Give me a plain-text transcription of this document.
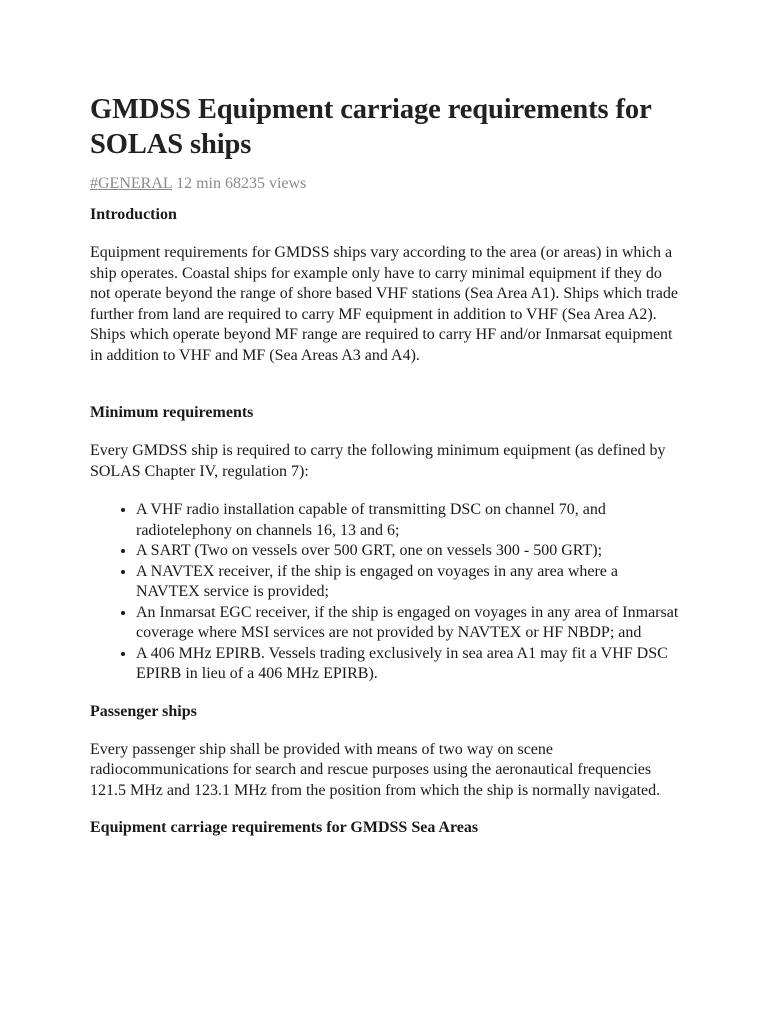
GMDSS Equipment carriage requirements for SOLAS ships
#GENERAL 12 min 68235 views
Introduction

Equipment requirements for GMDSS ships vary according to the area (or areas) in which a ship operates. Coastal ships for example only have to carry minimal equipment if they do not operate beyond the range of shore based VHF stations (Sea Area A1). Ships which trade further from land are required to carry MF equipment in addition to VHF (Sea Area A2). Ships which operate beyond MF range are required to carry HF and/or Inmarsat equipment in addition to VHF and MF (Sea Areas A3 and A4).

Minimum requirements

Every GMDSS ship is required to carry the following minimum equipment (as defined by SOLAS Chapter IV, regulation 7):

• A VHF radio installation capable of transmitting DSC on channel 70, and radiotelephony on channels 16, 13 and 6;
• A SART (Two on vessels over 500 GRT, one on vessels 300 - 500 GRT);
• A NAVTEX receiver, if the ship is engaged on voyages in any area where a NAVTEX service is provided;
• An Inmarsat EGC receiver, if the ship is engaged on voyages in any area of Inmarsat coverage where MSI services are not provided by NAVTEX or HF NBDP; and
• A 406 MHz EPIRB. Vessels trading exclusively in sea area A1 may fit a VHF DSC EPIRB in lieu of a 406 MHz EPIRB).
Passenger ships

Every passenger ship shall be provided with means of two way on scene radiocommunications for search and rescue purposes using the aeronautical frequencies 121.5 MHz and 123.1 MHz from the position from which the ship is normally navigated.

Equipment carriage requirements for GMDSS Sea Areas
